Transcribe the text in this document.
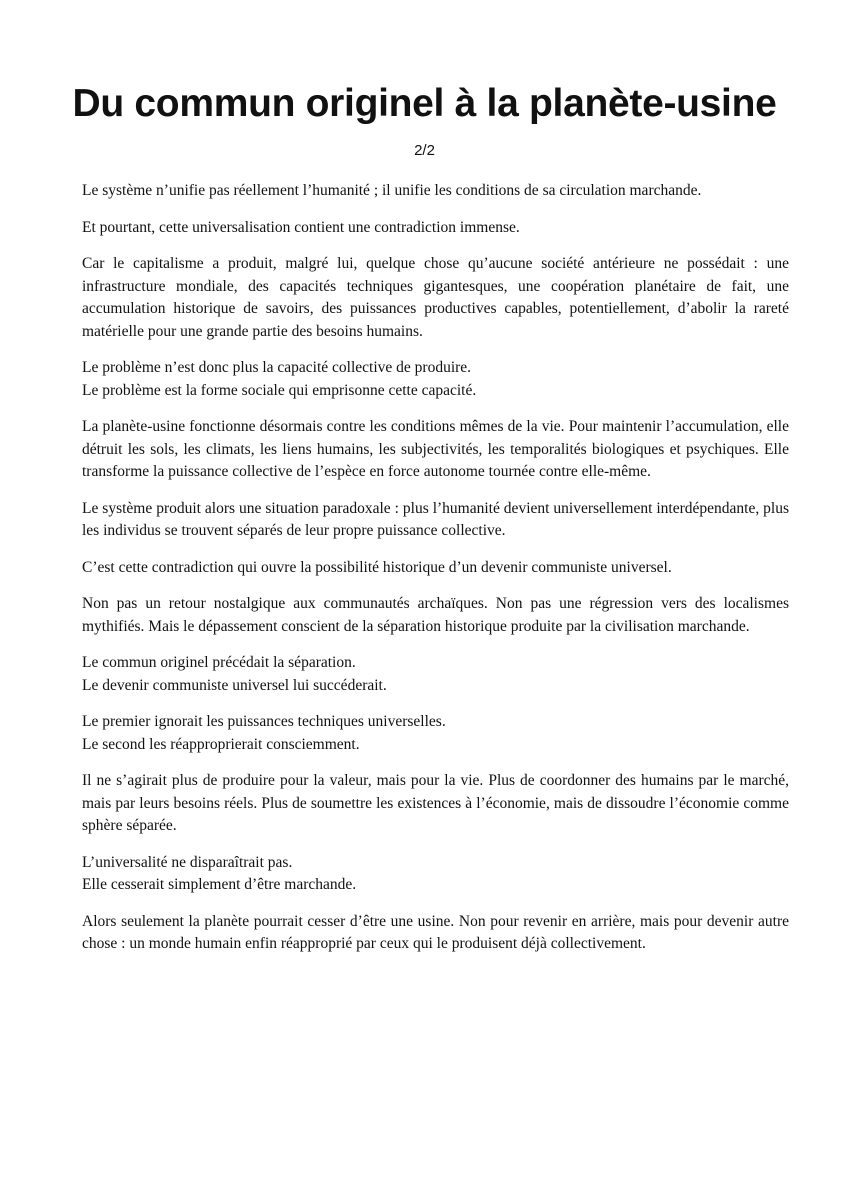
Du commun originel à la planète-usine
2/2

Le système n’unifie pas réellement l’humanité ; il unifie les conditions de sa circulation marchande.

Et pourtant, cette universalisation contient une contradiction immense.

Car le capitalisme a produit, malgré lui, quelque chose qu’aucune société antérieure ne possédait : une infrastructure mondiale, des capacités techniques gigantesques, une coopération planétaire de fait, une accumulation historique de savoirs, des puissances productives capables, potentiellement, d’abolir la rareté matérielle pour une grande partie des besoins humains.

Le problème n’est donc plus la capacité collective de produire.
Le problème est la forme sociale qui emprisonne cette capacité.

La planète-usine fonctionne désormais contre les conditions mêmes de la vie. Pour maintenir l’accumulation, elle détruit les sols, les climats, les liens humains, les subjectivités, les temporalités biologiques et psychiques. Elle transforme la puissance collective de l’espèce en force autonome tournée contre elle-même.

Le système produit alors une situation paradoxale : plus l’humanité devient universellement interdépendante, plus les individus se trouvent séparés de leur propre puissance collective.

C’est cette contradiction qui ouvre la possibilité historique d’un devenir communiste universel.

Non pas un retour nostalgique aux communautés archaïques. Non pas une régression vers des localismes mythifiés. Mais le dépassement conscient de la séparation historique produite par la civilisation marchande.

Le commun originel précédait la séparation.
Le devenir communiste universel lui succéderait.

Le premier ignorait les puissances techniques universelles.
Le second les réapproprierait consciemment.

Il ne s’agirait plus de produire pour la valeur, mais pour la vie. Plus de coordonner des humains par le marché, mais par leurs besoins réels. Plus de soumettre les existences à l’économie, mais de dissoudre l’économie comme sphère séparée.

L’universalité ne disparaîtrait pas.
Elle cesserait simplement d’être marchande.

Alors seulement la planète pourrait cesser d’être une usine. Non pour revenir en arrière, mais pour devenir autre chose : un monde humain enfin réapproprié par ceux qui le produisent déjà collectivement.
